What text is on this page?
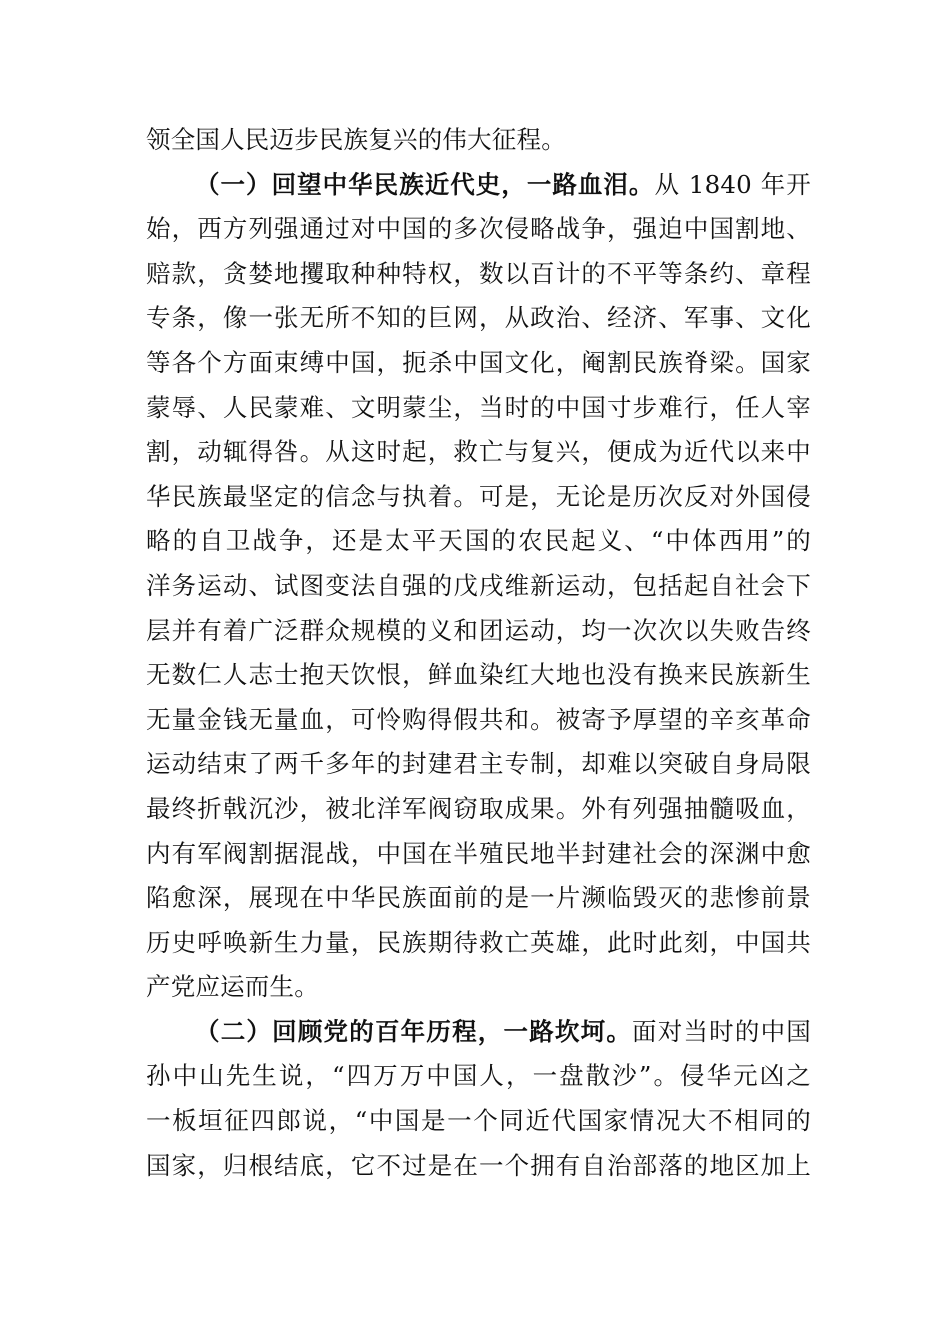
领全国人民迈步民族复兴的伟大征程。
（一）回望中华民族近代史，一路血泪。从 1840 年开
始，西方列强通过对中国的多次侵略战争，强迫中国割地、
赔款，贪婪地攫取种种特权，数以百计的不平等条约、章程
专条，像一张无所不知的巨网，从政治、经济、军事、文化
等各个方面束缚中国，扼杀中国文化，阉割民族脊梁。国家
蒙辱、人民蒙难、文明蒙尘，当时的中国寸步难行，任人宰
割，动辄得咎。从这时起，救亡与复兴，便成为近代以来中
华民族最坚定的信念与执着。可是，无论是历次反对外国侵
略的自卫战争，还是太平天国的农民起义、“中体西用”的
洋务运动、试图变法自强的戊戌维新运动，包括起自社会下
层并有着广泛群众规模的义和团运动，均一次次以失败告终
无数仁人志士抱天饮恨，鲜血染红大地也没有换来民族新生
无量金钱无量血，可怜购得假共和。被寄予厚望的辛亥革命
运动结束了两千多年的封建君主专制，却难以突破自身局限
最终折戟沉沙，被北洋军阀窃取成果。外有列强抽髓吸血，
内有军阀割据混战，中国在半殖民地半封建社会的深渊中愈
陷愈深，展现在中华民族面前的是一片濒临毁灭的悲惨前景
历史呼唤新生力量，民族期待救亡英雄，此时此刻，中国共
产党应运而生。
（二）回顾党的百年历程，一路坎坷。面对当时的中国
孙中山先生说，“四万万中国人，一盘散沙”。侵华元凶之
一板垣征四郎说，“中国是一个同近代国家情况大不相同的
国家，归根结底，它不过是在一个拥有自治部落的地区加上
